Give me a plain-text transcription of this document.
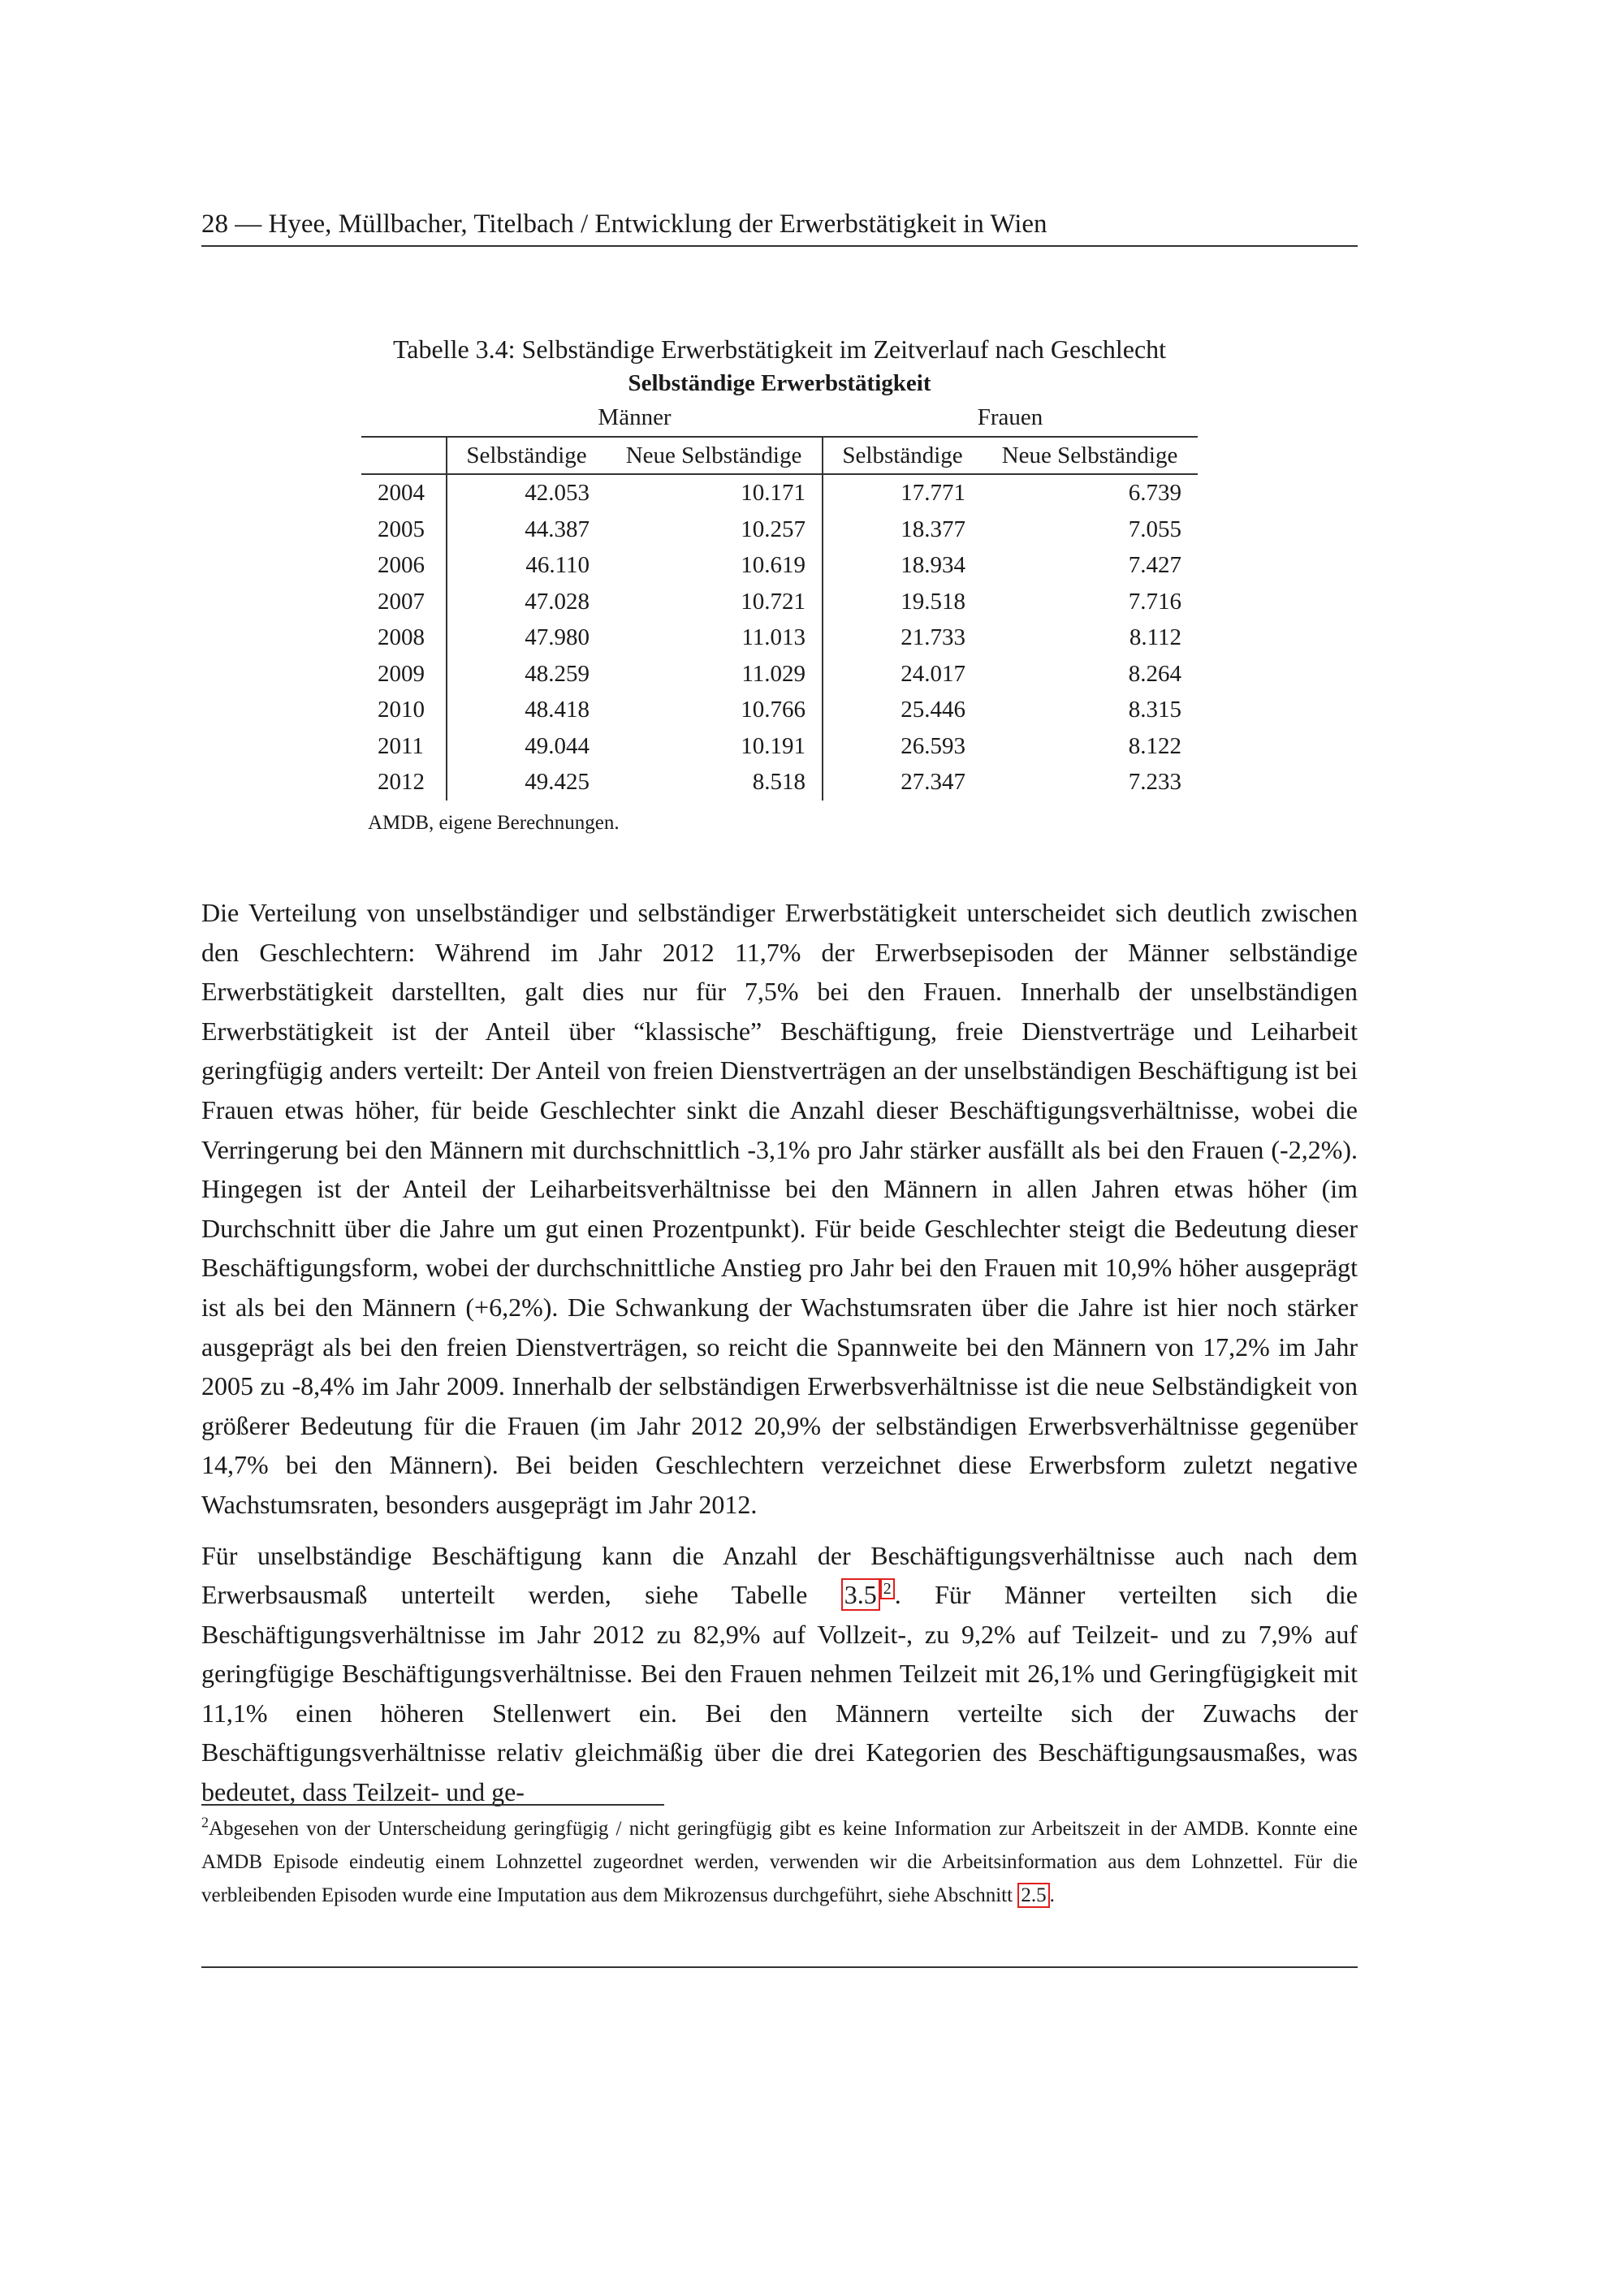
28 — Hyee, Müllbacher, Titelbach / Entwicklung der Erwerbstätigkeit in Wien
Tabelle 3.4: Selbständige Erwerbstätigkeit im Zeitverlauf nach Geschlecht
Selbständige Erwerbstätigkeit
	Männer		Frauen	
	Selbständige	Neue Selbständige	Selbständige	Neue Selbständige
2004	42.053	10.171	17.771	6.739
2005	44.387	10.257	18.377	7.055
2006	46.110	10.619	18.934	7.427
2007	47.028	10.721	19.518	7.716
2008	47.980	11.013	21.733	8.112
2009	48.259	11.029	24.017	8.264
2010	48.418	10.766	25.446	8.315
2011	49.044	10.191	26.593	8.122
2012	49.425	8.518	27.347	7.233
AMDB, eigene Berechnungen.

Die Verteilung von unselbständiger und selbständiger Erwerbstätigkeit unterscheidet sich deutlich zwischen den Geschlechtern: Während im Jahr 2012 11,7% der Erwerbsepisoden der Männer selbständige Erwerbstätigkeit darstellten, galt dies nur für 7,5% bei den Frauen. Innerhalb der unselbständigen Erwerbstätigkeit ist der Anteil über “klassische” Beschäftigung, freie Dienstverträge und Leiharbeit geringfügig anders verteilt: Der Anteil von freien Dienstverträgen an der unselbständigen Beschäftigung ist bei Frauen etwas höher, für beide Geschlechter sinkt die Anzahl dieser Beschäftigungsverhältnisse, wobei die Verringerung bei den Männern mit durchschnittlich -3,1% pro Jahr stärker ausfällt als bei den Frauen (-2,2%). Hingegen ist der Anteil der Leiharbeitsverhältnisse bei den Männern in allen Jahren etwas höher (im Durchschnitt über die Jahre um gut einen Prozentpunkt). Für beide Geschlechter steigt die Bedeutung dieser Beschäftigungsform, wobei der durchschnittliche Anstieg pro Jahr bei den Frauen mit 10,9% höher ausgeprägt ist als bei den Männern (+6,2%). Die Schwankung der Wachstumsraten über die Jahre ist hier noch stärker ausgeprägt als bei den freien Dienstverträgen, so reicht die Spannweite bei den Männern von 17,2% im Jahr 2005 zu -8,4% im Jahr 2009. Innerhalb der selbständigen Erwerbsverhältnisse ist die neue Selbständigkeit von größerer Bedeutung für die Frauen (im Jahr 2012 20,9% der selbständigen Erwerbsverhältnisse gegenüber 14,7% bei den Männern). Bei beiden Geschlechtern verzeichnet diese Erwerbsform zuletzt negative Wachstumsraten, besonders ausgeprägt im Jahr 2012.

Für unselbständige Beschäftigung kann die Anzahl der Beschäftigungsverhältnisse auch nach dem Erwerbsausmaß unterteilt werden, siehe Tabelle 3.5 $^2$ . Für Männer verteilten sich die Beschäftigungsverhältnisse im Jahr 2012 zu 82,9% auf Vollzeit-, zu 9,2% auf Teilzeit- und zu 7,9% auf geringfügige Beschäftigungsverhältnisse. Bei den Frauen nehmen Teilzeit mit 26,1% und Geringfügigkeit mit 11,1% einen höheren Stellenwert ein. Bei den Männern verteilte sich der Zuwachs der Beschäftigungsverhältnisse relativ gleichmäßig über die drei Kategorien des Beschäftigungsausmaßes, was bedeutet, dass Teilzeit- und ge-

$^2$Abgesehen von der Unterscheidung geringfügig / nicht geringfügig gibt es keine Information zur Arbeitszeit in der AMDB. Konnte eine AMDB Episode eindeutig einem Lohnzettel zugeordnet werden, verwenden wir die Arbeitsinformation aus dem Lohnzettel. Für die verbleibenden Episoden wurde eine Imputation aus dem Mikrozensus durchgeführt, siehe Abschnitt 2.5 .
